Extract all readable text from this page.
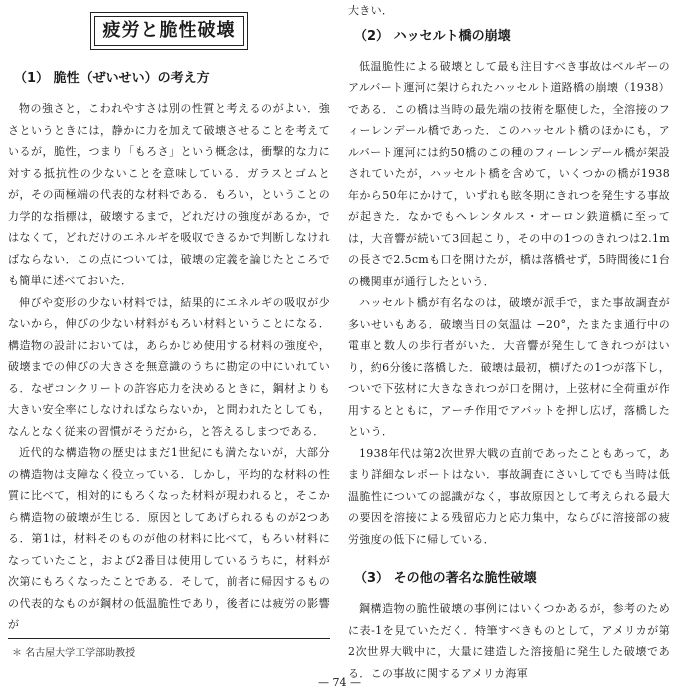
疲労と脆性破壊
（1） 脆性（ぜいせい）の考え方

物の強さと，こわれやすさは別の性質と考えるのがよい．強さというときには，静かに力を加えて破壊させることを考えているが，脆性，つまり「もろさ」という概念は，衝撃的な力に対する抵抗性の少ないことを意味している．ガラスとゴムとが，その両極端の代表的な材料である．もろい，ということの力学的な指標は，破壊するまで，どれだけの強度があるか，ではなくて，どれだけのエネルギを吸収できるかで判断しなければならない．この点については，破壊の定義を論じたところでも簡単に述べておいた．

伸びや変形の少ない材料では，結果的にエネルギの吸収が少ないから，伸びの少ない材料がもろい材料ということになる．構造物の設計においては，あらかじめ使用する材料の強度や，破壊までの伸びの大きさを無意識のうちに勘定の中にいれている．なぜコンクリートの許容応力を決めるときに，鋼材よりも大きい安全率にしなければならないか，と問われたとしても，なんとなく従来の習慣がそうだから，と答えるしまつである．

近代的な構造物の歴史はまだ1世紀にも満たないが，大部分の構造物は支障なく役立っている．しかし，平均的な材料の性質に比べて，相対的にもろくなった材料が現われると，そこから構造物の破壊が生じる．原因としてあげられるものが2つある．第1は，材料そのものが他の材料に比べて，もろい材料になっていたこと，および2番目は使用しているうちに，材料が次第にもろくなったことである．そして，前者に帰因するものの代表的なものが鋼材の低温脆性であり，後者には疲労の影響が

＊ 名古屋大学工学部助教授

大きい．

（2） ハッセルト橋の崩壊

低温脆性による破壊として最も注目すべき事故はベルギーのアルバート運河に架けられたハッセルト道路橋の崩壊（1938）である．この橋は当時の最先端の技術を駆使した，全溶接のフィーレンデール橋であった．このハッセルト橋のほかにも，アルバート運河には約50橋のこの種のフィーレンデール橋が架設されていたが，ハッセルト橋を含めて，いくつかの橋が1938年から50年にかけて，いずれも眩冬期にきれつを発生する事故が起きた．なかでもヘレンタルス・オーロン鉄道橋に至っては，大音響が続いて3回起こり，その中の1つのきれつは2.1mの長さで2.5cmも口を開けたが，橋は落橋せず，5時間後に1台の機関車が通行したという．

ハッセルト橋が有名なのは，破壊が派手で，また事故調査が多いせいもある．破壊当日の気温は −20°，たまたま通行中の電車と数人の歩行者がいた．大音響が発生してきれつがはいり，約6分後に落橋した．破壊は最初，横げたの1つが落下し，ついで下弦材に大きなきれつが口を開け，上弦材に全荷重が作用するとともに，アーチ作用でアバットを押し広げ，落橋したという．

1938年代は第2次世界大戦の直前であったこともあって，あまり詳細なレポートはない．事故調査にさいしてでも当時は低温脆性についての認識がなく，事故原因として考えられる最大の要因を溶接による残留応力と応力集中，ならびに溶接部の疲労強度の低下に帰している．

（3） その他の著名な脆性破壊

鋼構造物の脆性破壊の事例にはいくつかあるが，参考のために表-1を見ていただく．特筆すべきものとして，アメリカが第2次世界大戦中に，大量に建造した溶接船に発生した破壊である．この事故に関するアメリカ海軍

— 74 —
